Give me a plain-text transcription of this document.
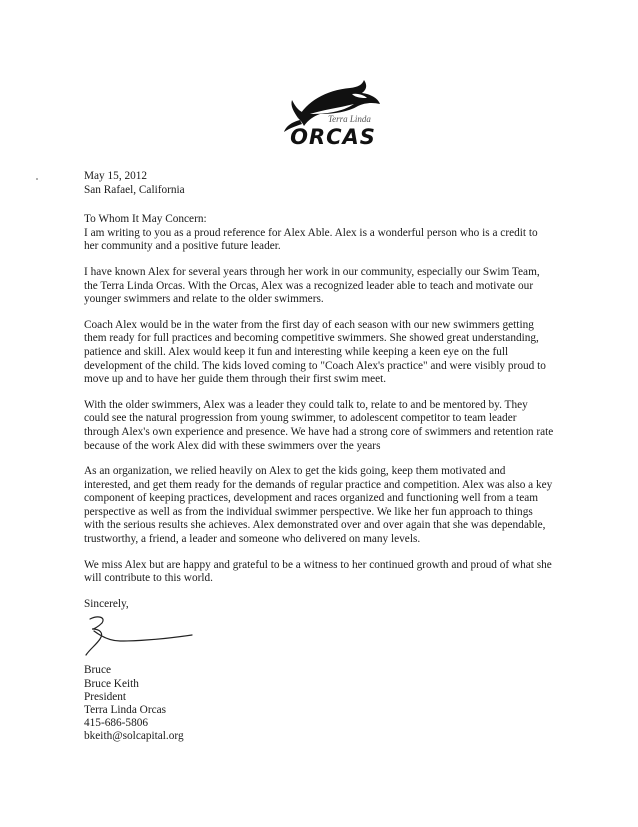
Terra Linda
ORCAS

May 15, 2012

San Rafael, California

To Whom It May Concern:

I am writing to you as a proud reference for Alex Able. Alex is a wonderful person who is a credit to her community and a positive future leader.

I have known Alex for several years through her work in our community, especially our Swim Team, the Terra Linda Orcas. With the Orcas, Alex was a recognized leader able to teach and motivate our younger swimmers and relate to the older swimmers.

Coach Alex would be in the water from the first day of each season with our new swimmers getting them ready for full practices and becoming competitive swimmers. She showed great understanding, patience and skill. Alex would keep it fun and interesting while keeping a keen eye on the full development of the child. The kids loved coming to "Coach Alex's practice" and were visibly proud to move up and to have her guide them through their first swim meet.

With the older swimmers, Alex was a leader they could talk to, relate to and be mentored by. They could see the natural progression from young swimmer, to adolescent competitor to team leader through Alex's own experience and presence. We have had a strong core of swimmers and retention rate because of the work Alex did with these swimmers over the years

As an organization, we relied heavily on Alex to get the kids going, keep them motivated and interested, and get them ready for the demands of regular practice and competition. Alex was also a key component of keeping practices, development and races organized and functioning well from a team perspective as well as from the individual swimmer perspective. We like her fun approach to things with the serious results she achieves. Alex demonstrated over and over again that she was dependable, trustworthy, a friend, a leader and someone who delivered on many levels.

We miss Alex but are happy and grateful to be a witness to her continued growth and proud of what she will contribute to this world.

Sincerely,

Bruce

Bruce Keith

President

Terra Linda Orcas

415-686-5806

bkeith@solcapital.org
